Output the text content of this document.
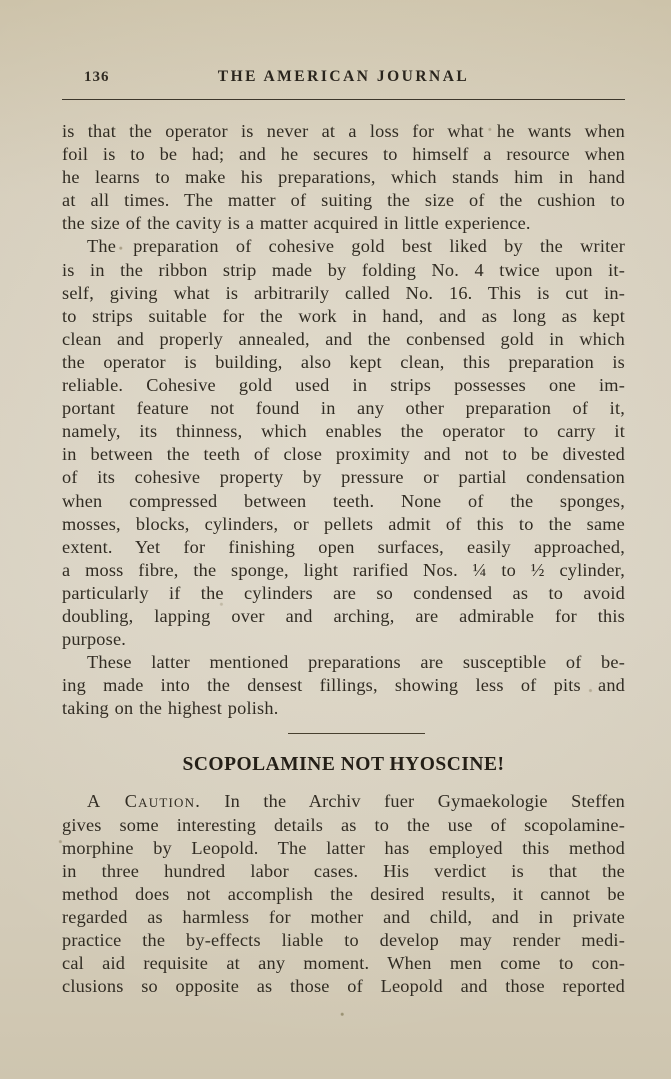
136	THE AMERICAN JOURNAL
is that the operator is never at a loss for what he wants when
foil is to be had; and he secures to himself a resource when
he learns to make his preparations, which stands him in hand
at all times. The matter of suiting the size of the cushion to
the size of the cavity is a matter acquired in little experience.
The preparation of cohesive gold best liked by the writer
is in the ribbon strip made by folding No. 4 twice upon it-
self, giving what is arbitrarily called No. 16. This is cut in-
to strips suitable for the work in hand, and as long as kept
clean and properly annealed, and the conbensed gold in which
the operator is building, also kept clean, this preparation is
reliable. Cohesive gold used in strips possesses one im-
portant feature not found in any other preparation of it,
namely, its thinness, which enables the operator to carry it
in between the teeth of close proximity and not to be divested
of its cohesive property by pressure or partial condensation
when compressed between teeth. None of the sponges,
mosses, blocks, cylinders, or pellets admit of this to the same
extent. Yet for finishing open surfaces, easily approached,
a moss fibre, the sponge, light rarified Nos. ¼ to ½ cylinder,
particularly if the cylinders are so condensed as to avoid
doubling, lapping over and arching, are admirable for this
purpose.
These latter mentioned preparations are susceptible of be-
ing made into the densest fillings, showing less of pits and
taking on the highest polish.
SCOPOLAMINE NOT HYOSCINE!
A Caution. In the Archiv fuer Gymaekologie Steffen
gives some interesting details as to the use of scopolamine-
morphine by Leopold. The latter has employed this method
in three hundred labor cases. His verdict is that the
method does not accomplish the desired results, it cannot be
regarded as harmless for mother and child, and in private
practice the by-effects liable to develop may render medi-
cal aid requisite at any moment. When men come to con-
clusions so opposite as those of Leopold and those reported
